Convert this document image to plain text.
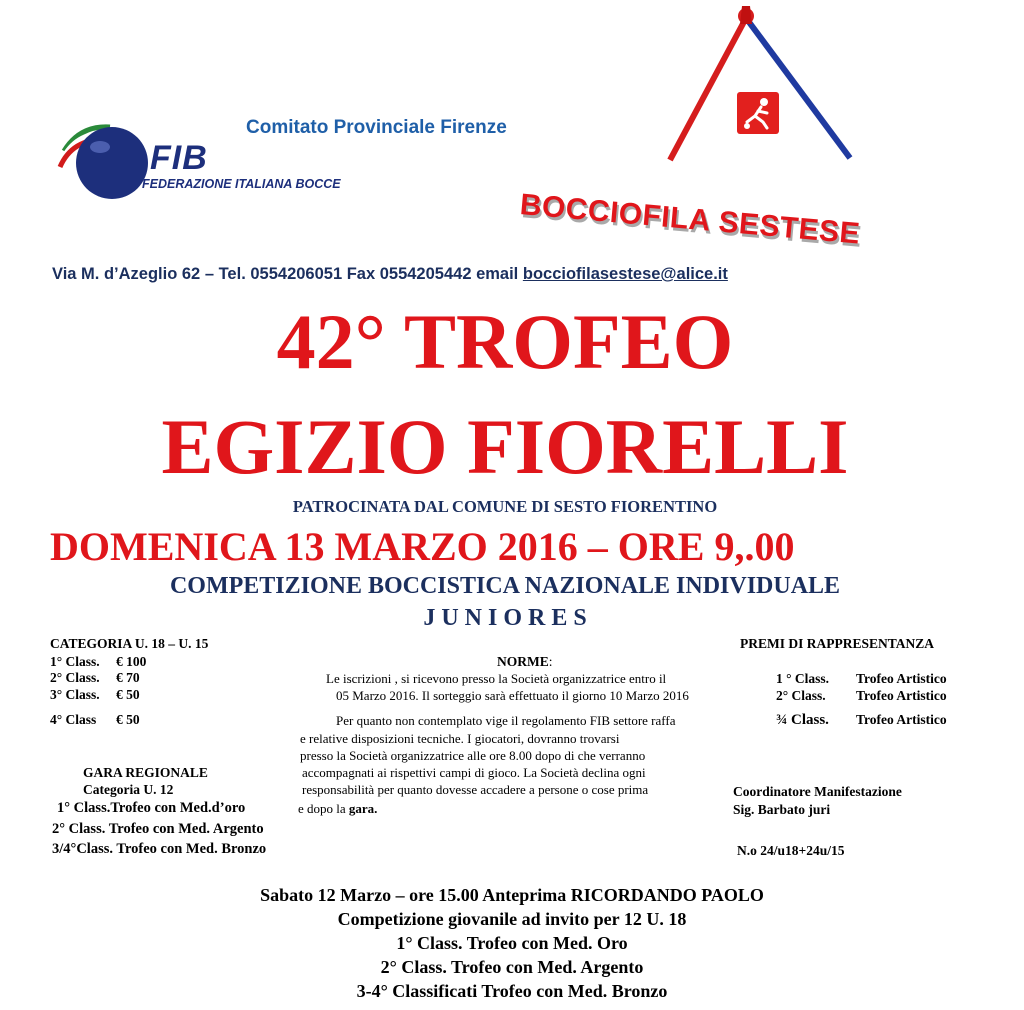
FIB
FEDERAZIONE ITALIANA BOCCE
Comitato Provinciale Firenze
BOCCIOFILA SESTESE
Via M. d’Azeglio 62 – Tel. 0554206051 Fax 0554205442 email bocciofilasestese@alice.it
42° TROFEO
EGIZIO FIORELLI
PATROCINATA DAL COMUNE DI SESTO FIORENTINO
DOMENICA 13 MARZO 2016 – ORE 9,.00
COMPETIZIONE BOCCISTICA NAZIONALE INDIVIDUALE
J U N I O R E S
CATEGORIA U. 18 – U. 15
1° Class. € 100
2° Class. € 70
3° Class. € 50
4° Class € 50
GARA REGIONALE
Categoria U. 12
1° Class.Trofeo con Med.d’oro
2° Class. Trofeo con Med. Argento
3/4°Class. Trofeo con Med. Bronzo
NORME:
Le iscrizioni , si ricevono presso la Società organizzatrice entro il
05 Marzo 2016. Il sorteggio sarà effettuato il giorno 10 Marzo 2016
Per quanto non contemplato vige il regolamento FIB settore raffa
e relative disposizioni tecniche. I giocatori, dovranno trovarsi
presso la Società organizzatrice alle ore 8.00 dopo di che verranno
accompagnati ai rispettivi campi di gioco. La Società declina ogni
responsabilità per quanto dovesse accadere a persone o cose prima
e dopo la gara.
PREMI DI RAPPRESENTANZA
1 ° Class. Trofeo Artistico
2° Class. Trofeo Artistico
¾ Class. Trofeo Artistico
Coordinatore Manifestazione
Sig. Barbato juri
N.o 24/u18+24u/15
Sabato 12 Marzo – ore 15.00 Anteprima RICORDANDO PAOLO
Competizione giovanile ad invito per 12 U. 18
1° Class. Trofeo con Med. Oro
2° Class. Trofeo con Med. Argento
3-4° Classificati Trofeo con Med. Bronzo
